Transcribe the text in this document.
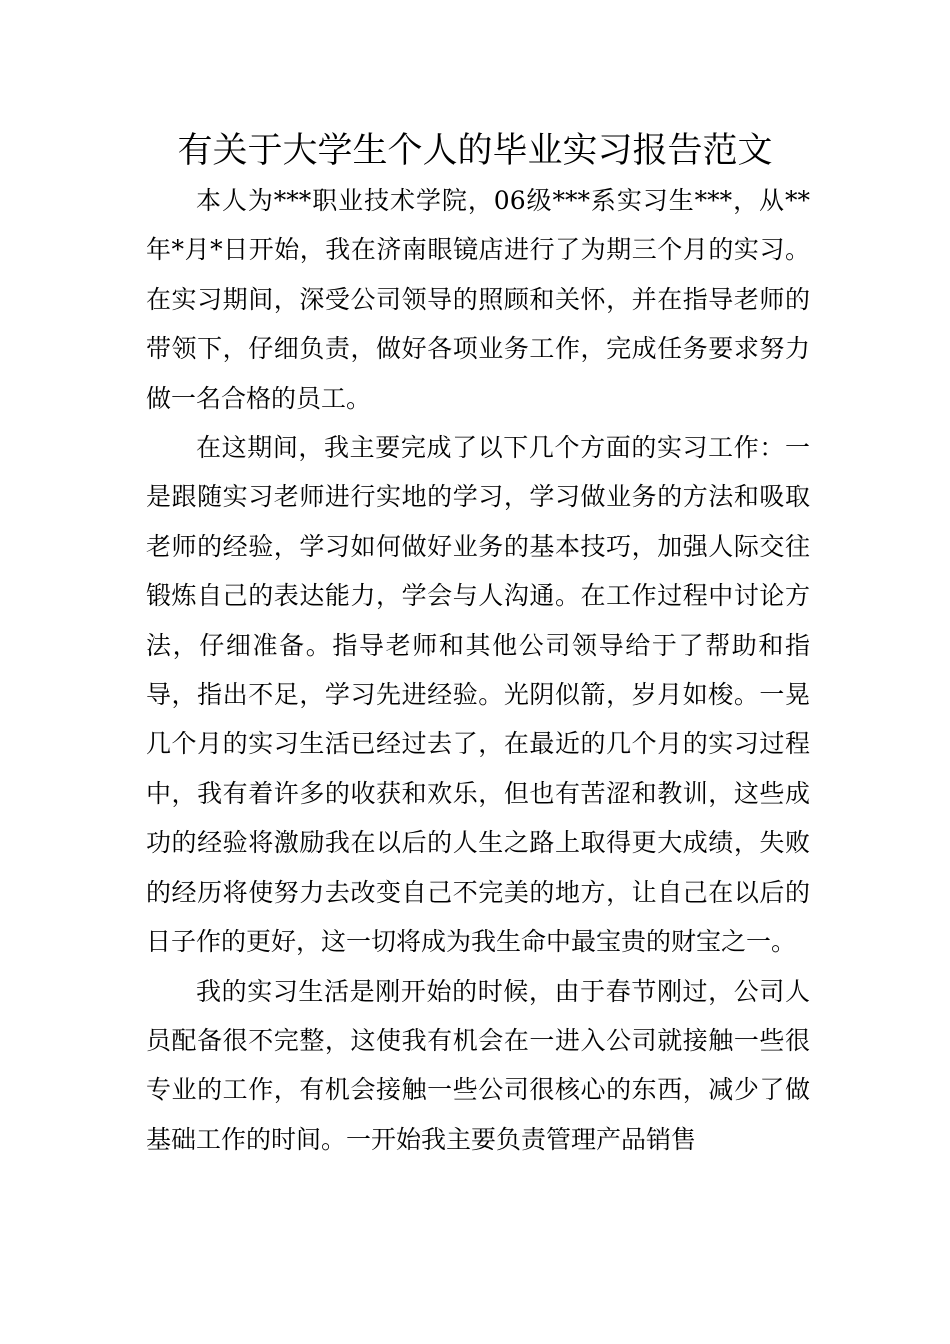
有关于大学生个人的毕业实习报告范文

本人为***职业技术学院，06级***系实习生***，从**年*月*日开始，我在济南眼镜店进行了为期三个月的实习。在实习期间，深受公司领导的照顾和关怀，并在指导老师的带领下，仔细负责，做好各项业务工作，完成任务要求努力做一名合格的员工。

在这期间，我主要完成了以下几个方面的实习工作：一是跟随实习老师进行实地的学习，学习做业务的方法和吸取老师的经验，学习如何做好业务的基本技巧，加强人际交往锻炼自己的表达能力，学会与人沟通。在工作过程中讨论方法，仔细准备。指导老师和其他公司领导给于了帮助和指导，指出不足，学习先进经验。光阴似箭，岁月如梭。一晃几个月的实习生活已经过去了，在最近的几个月的实习过程中，我有着许多的收获和欢乐，但也有苦涩和教训，这些成功的经验将激励我在以后的人生之路上取得更大成绩，失败的经历将使努力去改变自己不完美的地方，让自己在以后的日子作的更好，这一切将成为我生命中最宝贵的财宝之一。

我的实习生活是刚开始的时候，由于春节刚过，公司人员配备很不完整，这使我有机会在一进入公司就接触一些很专业的工作，有机会接触一些公司很核心的东西，减少了做基础工作的时间。一开始我主要负责管理产品销售
